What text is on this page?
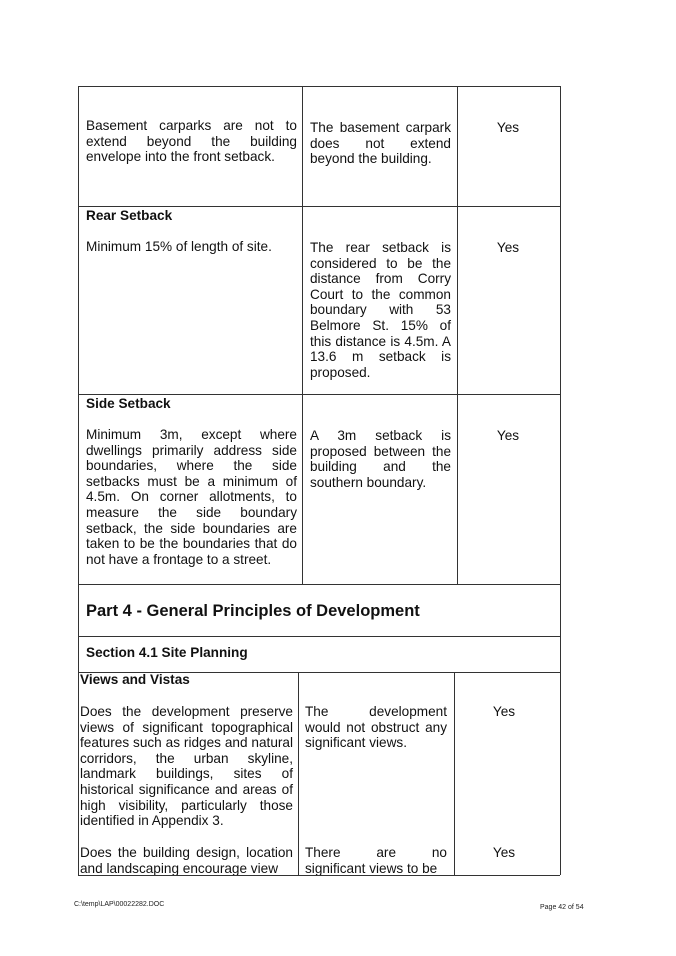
Basement carparks are not to extend beyond the building envelope into the front setback.
The basement carpark does not extend beyond the building.
Yes
Rear Setback
Minimum 15% of length of site.	The rear setback is considered to be the distance from Corry Court to the common boundary with 53 Belmore St. 15% of this distance is 4.5m. A 13.6 m setback is proposed.
Yes
Side Setback
Minimum 3m, except where dwellings primarily address side boundaries, where the side setbacks must be a minimum of 4.5m. On corner allotments, to measure the side boundary setback, the side boundaries are taken to be the boundaries that do not have a frontage to a street.
A 3m setback is proposed between the building and the southern boundary.
Yes
Part 4 - General Principles of Development
Section 4.1 Site Planning
Views and Vistas
Does the development preserve views of significant topographical features such as ridges and natural corridors, the urban skyline, landmark buildings, sites of historical significance and areas of high visibility, particularly those identified in Appendix 3.
The development would not obstruct any significant views.
Yes
Does the building design, location and landscaping encourage view
There are no significant views to be
Yes
C:\temp\LAP\00022282.DOC	Page 42 of 54
